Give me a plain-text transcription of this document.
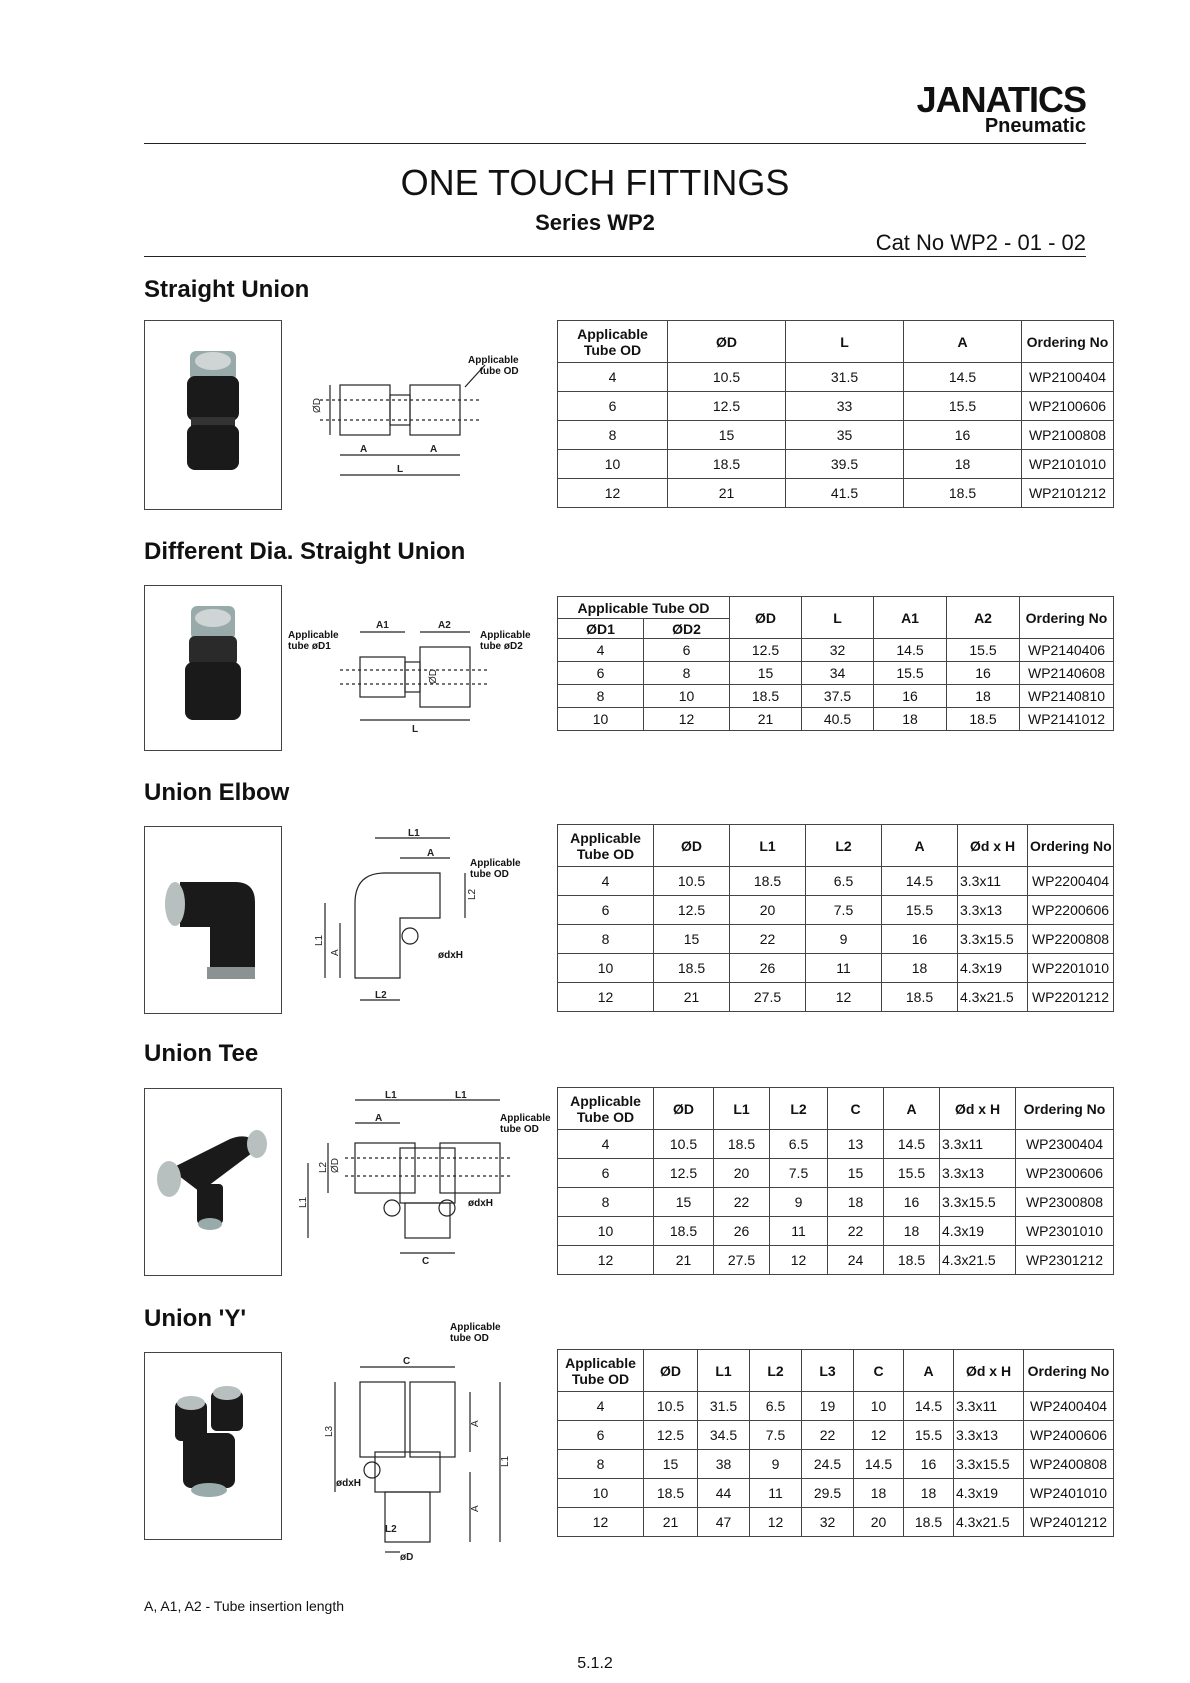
JANATICS
Pneumatic
ONE TOUCH FITTINGS
Series WP2
Cat No WP2 - 01 - 02
Straight Union
ØD
A	A
L
Applicable
tube OD
Applicable Tube OD	ØD	L	A	Ordering No
4	10.5	31.5	14.5	WP2100404
6	12.5	33	15.5	WP2100606
8	15	35	16	WP2100808
10	18.5	39.5	18	WP2101010
12	21	41.5	18.5	WP2101212
Different Dia. Straight Union
A1	A2
L
ØD
Applicable
tube øD1
Applicable
tube øD2
Applicable Tube OD		ØD	L	A1	A2	Ordering No
ØD1	ØD2					
4	6	12.5	32	14.5	15.5	WP2140406
6	8	15	34	15.5	16	WP2140608
8	10	18.5	37.5	16	18	WP2140810
10	12	21	40.5	18	18.5	WP2141012
Union Elbow
L1
A
L1
A
L2
L2
Applicable
tube OD
ødxH
Applicable Tube OD	ØD	L1	L2	A	Ød x H	Ordering No
4	10.5	18.5	6.5	14.5	3.3x11	WP2200404
6	12.5	20	7.5	15.5	3.3x13	WP2200606
8	15	22	9	16	3.3x15.5	WP2200808
10	18.5	26	11	18	4.3x19	WP2201010
12	21	27.5	12	18.5	4.3x21.5	WP2201212
Union Tee
L1	L1
A
L1
L2 ØD
C
Applicable
tube OD
ødxH
Applicable Tube OD	ØD	L1	L2	C	A	Ød x H	Ordering No
4	10.5	18.5	6.5	13	14.5	3.3x11	WP2300404
6	12.5	20	7.5	15	15.5	3.3x13	WP2300606
8	15	22	9	18	16	3.3x15.5	WP2300808
10	18.5	26	11	22	18	4.3x19	WP2301010
12	21	27.5	12	24	18.5	4.3x21.5	WP2301212
Union 'Y'
C
L3
A
L1
A
L2
øD
Applicable
tube OD
ødxH
Applicable Tube OD	ØD	L1	L2	L3	C	A	Ød x H	Ordering No
4	10.5	31.5	6.5	19	10	14.5	3.3x11	WP2400404
6	12.5	34.5	7.5	22	12	15.5	3.3x13	WP2400606
8	15	38	9	24.5	14.5	16	3.3x15.5	WP2400808
10	18.5	44	11	29.5	18	18	4.3x19	WP2401010
12	21	47	12	32	20	18.5	4.3x21.5	WP2401212
A, A1, A2 - Tube insertion length
5.1.2
